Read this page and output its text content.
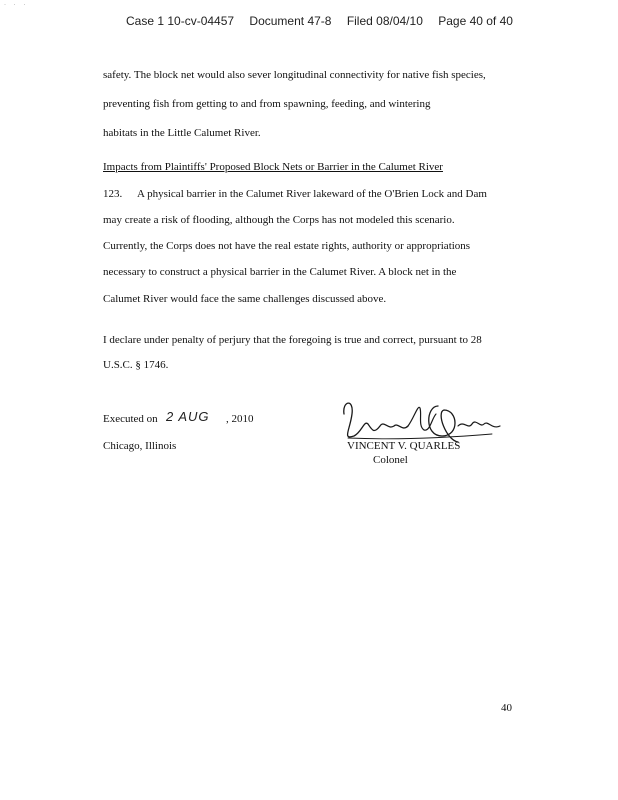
· · ·
Case 1 10-cv-04457 Document 47-8 Filed 08/04/10 Page 40 of 40
safety. The block net would also sever longitudinal connectivity for native fish species,
preventing fish from getting to and from spawning, feeding, and wintering
habitats in the Little Calumet River.
Impacts from Plaintiffs' Proposed Block Nets or Barrier in the Calumet River
123. A physical barrier in the Calumet River lakeward of the O'Brien Lock and Dam
may create a risk of flooding, although the Corps has not modeled this scenario.
Currently, the Corps does not have the real estate rights, authority or appropriations
necessary to construct a physical barrier in the Calumet River. A block net in the
Calumet River would face the same challenges discussed above.
I declare under penalty of perjury that the foregoing is true and correct, pursuant to 28
U.S.C. § 1746.
Executed on 2 AUG	, 2010
Chicago, Illinois	VINCENT V. QUARLES
Colonel
40
